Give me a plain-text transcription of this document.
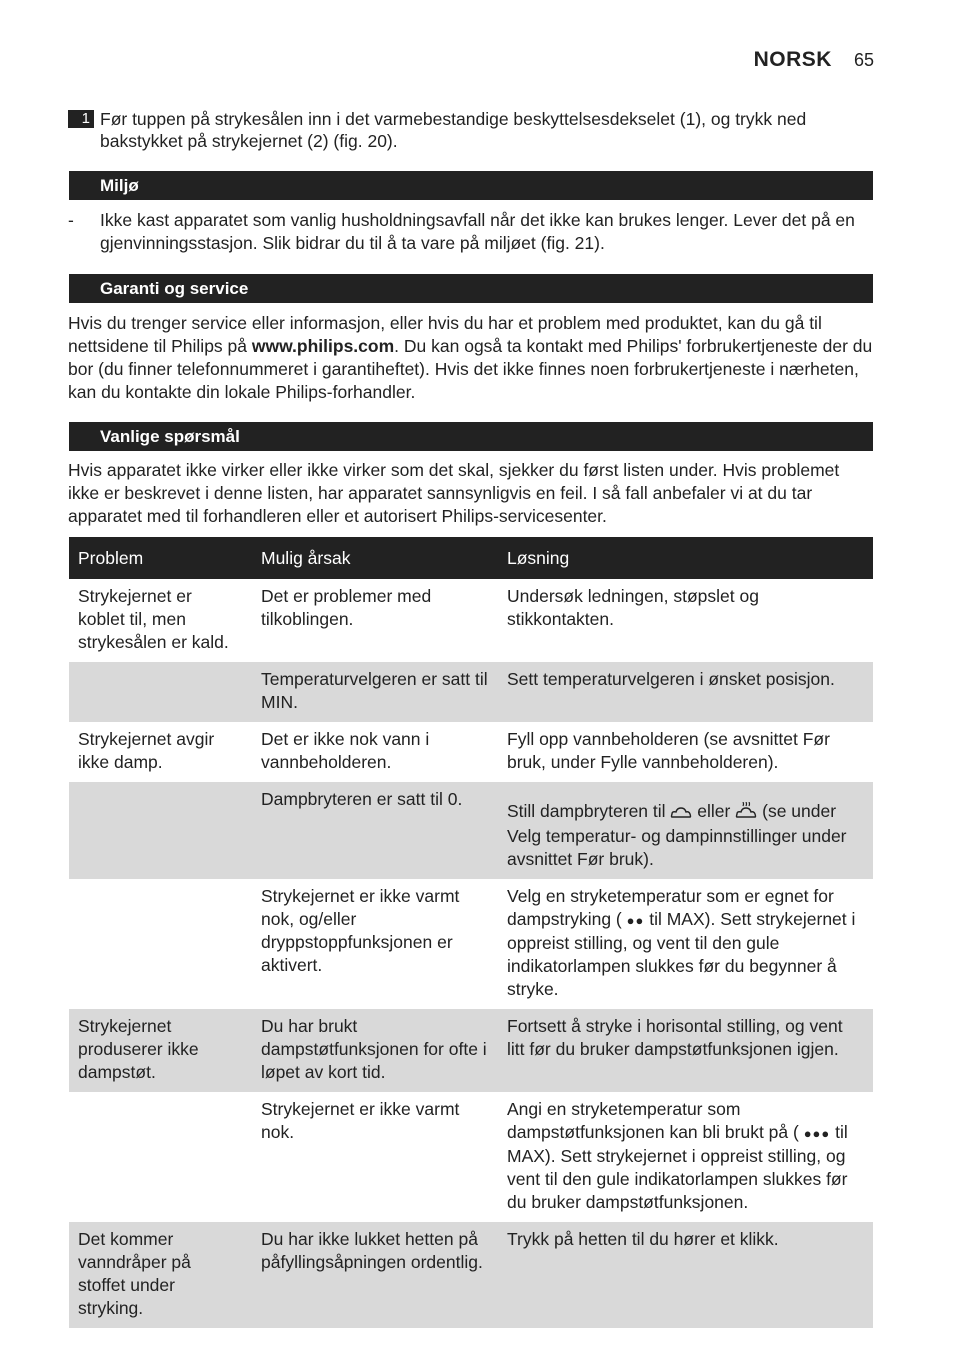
NORSK 65
1 Før tuppen på strykesålen inn i det varmebestandige beskyttelsesdekselet (1), og trykk ned bakstykket på strykejernet (2) (fig. 20).
Miljø
-	Ikke kast apparatet som vanlig husholdningsavfall når det ikke kan brukes lenger. Lever det på en gjenvinningsstasjon. Slik bidrar du til å ta vare på miljøet (fig. 21).
Garanti og service
Hvis du trenger service eller informasjon, eller hvis du har et problem med produktet, kan du gå til nettsidene til Philips på www.philips.com. Du kan også ta kontakt med Philips' forbrukertjeneste der du bor (du finner telefonnummeret i garantiheftet). Hvis det ikke finnes noen forbrukertjeneste i nærheten, kan du kontakte din lokale Philips-forhandler.
Vanlige spørsmål
Hvis apparatet ikke virker eller ikke virker som det skal, sjekker du først listen under. Hvis problemet ikke er beskrevet i denne listen, har apparatet sannsynligvis en feil. I så fall anbefaler vi at du tar apparatet med til forhandleren eller et autorisert Philips-servicesenter.
Problem	Mulig årsak	Løsning
Strykejernet er koblet til, men strykesålen er kald.	Det er problemer med tilkoblingen.	Undersøk ledningen, støpslet og stikkontakten.
	Temperaturvelgeren er satt til MIN.	Sett temperaturvelgeren i ønsket posisjon.
Strykejernet avgir ikke damp.	Det er ikke nok vann i vannbeholderen.	Fyll opp vannbeholderen (se avsnittet Før bruk, under Fylle vannbeholderen).
	Dampbryteren er satt til 0.	Still dampbryteren til eller (se under Velg temperatur- og dampinnstillinger under avsnittet Før bruk).
	Strykejernet er ikke varmt nok, og/eller dryppstoppfunksjonen er aktivert.	Velg en stryketemperatur som er egnet for dampstryking ( ●● til MAX). Sett strykejernet i oppreist stilling, og vent til den gule indikatorlampen slukkes før du begynner å stryke.
Strykejernet produserer ikke dampstøt.	Du har brukt dampstøtfunksjonen for ofte i løpet av kort tid.	Fortsett å stryke i horisontal stilling, og vent litt før du bruker dampstøtfunksjonen igjen.
	Strykejernet er ikke varmt nok.	Angi en stryketemperatur som dampstøtfunksjonen kan bli brukt på ( ●●● til MAX). Sett strykejernet i oppreist stilling, og vent til den gule indikatorlampen slukkes før du bruker dampstøtfunksjonen.
Det kommer vanndråper på stoffet under stryking.	Du har ikke lukket hetten på påfyllingsåpningen ordentlig.	Trykk på hetten til du hører et klikk.
